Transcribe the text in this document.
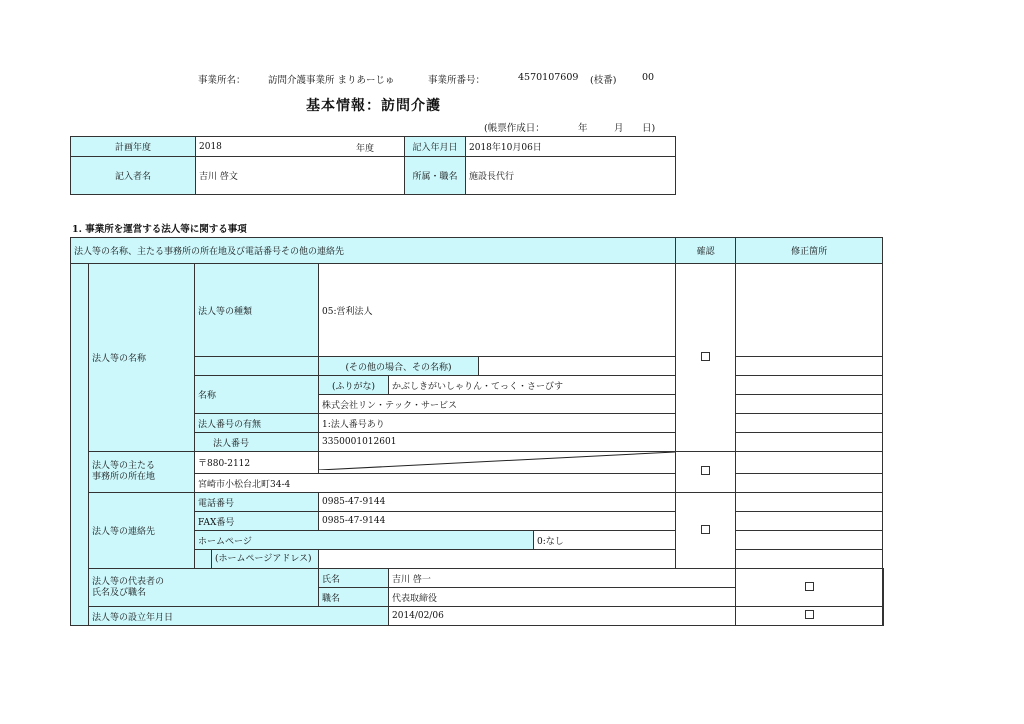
事業所名： 訪問介護事業所 まりあーじゅ	事業所番号：	4570107609 (枝番)	00
基本情報：訪問介護
(帳票作成日：	年	月 日)
計画年度	2018 年度	記入年月日	2018年10月06日
記入者名	吉川 啓文	所属・職名	施設長代行
1. 事業所を運営する法人等に関する事項
法人等の名称、主たる事務所の所在地及び電話番号その他の連絡先							確認	修正箇所	
	法人等の名称	法人等の種類	05:営利法人						
			(その他の場合、その名称)						
		名称	(ふりがな)	かぶしきがいしゃりん・てっく・さーびす					
			株式会社リン・テック・サービス						
		法人番号の有無	1:法人番号あり						
		法人番号	3350001012601						
	法人等の主たる
事務所の所在地	〒880-2112			
		宮崎市小松台北町34-4							
	法人等の連絡先	電話番号	0985-47-9144						
		FAX番号	0985-47-9144						
		ホームページ				0:なし			

		(ホームページアドレス)							

	法人等の代表者の
氏名及び職名		氏名	吉川 啓一					
			職名	代表取締役					
	法人等の設立年月日			2014/02/06					
